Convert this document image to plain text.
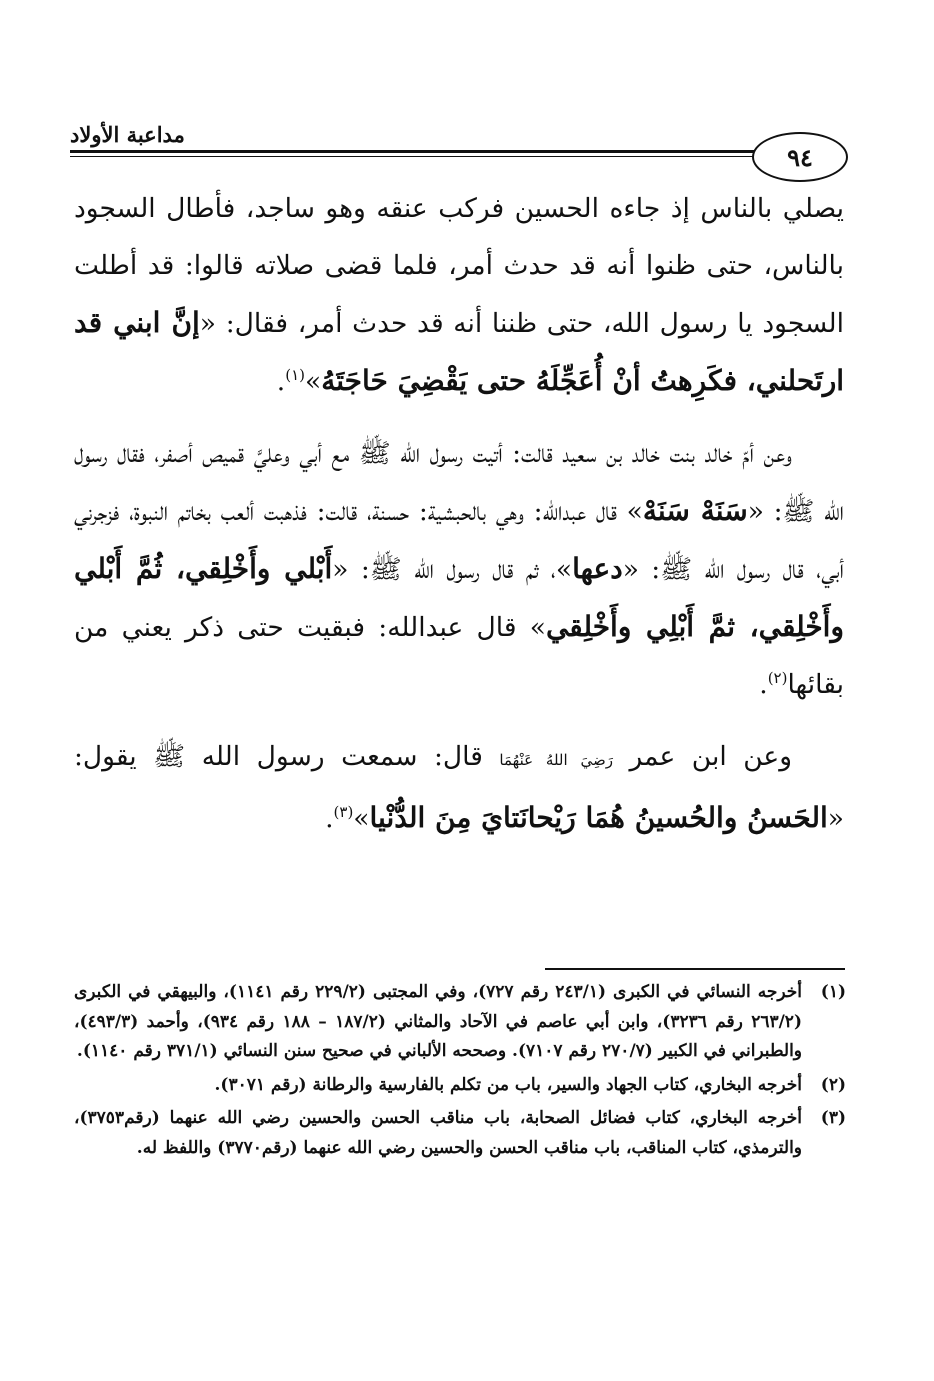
مداعبة الأولاد
٩٤

يصلي بالناس إذ جاءه الحسين فركب عنقه وهو ساجد، فأطال السجود بالناس، حتى ظنوا أنه قد حدث أمر، فلما قضى صلاته قالوا: قد أطلت السجود يا رسول الله، حتى ظننا أنه قد حدث أمر، فقال: «إنَّ ابني قد ارتَحلني، فكَرِهتُ أنْ أُعَجِّلَهُ حتى يَقْضِيَ حَاجَتَهُ»$^{(١)}$.

وعن أمّ خالد بنت خالد بن سعيد قالت: أتيت رسول الله ﷺ مع أبي وعليَّ قميص أصفر، فقال رسول الله ﷺ: «سَنَهْ سَنَهْ» قال عبدالله: وهي بالحبشية: حسنة، قالت: فذهبت ألعب بخاتم النبوة، فزجرني أبي، قال رسول الله ﷺ: «دعها»، ثم قال رسول الله ﷺ: «أَبْلي وأَخْلِقي، ثُمَّ أَبْلي وأَخْلِقي، ثمَّ أَبْلِي وأَخْلِقي» قال عبدالله: فبقيت حتى ذكر يعني من بقائها$^{(٢)}$.

وعن ابن عمر رَضِيَ اللهُ عَنْهُمَا قال: سمعت رسول الله ﷺ يقول: «الحَسنُ والحُسينُ هُمَا رَيْحانَتايَ مِنَ الدُّنْيا»$^{(٣)}$.

(١)
أخرجه النسائي في الكبرى (٢٤٣/١ رقم ٧٢٧)، وفي المجتبى (٢٢٩/٢ رقم ١١٤١)، والبيهقي في الكبرى (٢٦٣/٢ رقم ٣٢٣٦)، وابن أبي عاصم في الآحاد والمثاني (١٨٧/٢ – ١٨٨ رقم ٩٣٤)، وأحمد (٤٩٣/٣)، والطبراني في الكبير (٢٧٠/٧ رقم ٧١٠٧). وصححه الألباني في صحيح سنن النسائي (٣٧١/١ رقم ١١٤٠).

(٢)
أخرجه البخاري، كتاب الجهاد والسير، باب من تكلم بالفارسية والرطانة (رقم ٣٠٧١).

(٣)
أخرجه البخاري، كتاب فضائل الصحابة، باب مناقب الحسن والحسين رضي الله عنهما (رقم٣٧٥٣)، والترمذي، كتاب المناقب، باب مناقب الحسن والحسين رضي الله عنهما (رقم٣٧٧٠) واللفظ له.
